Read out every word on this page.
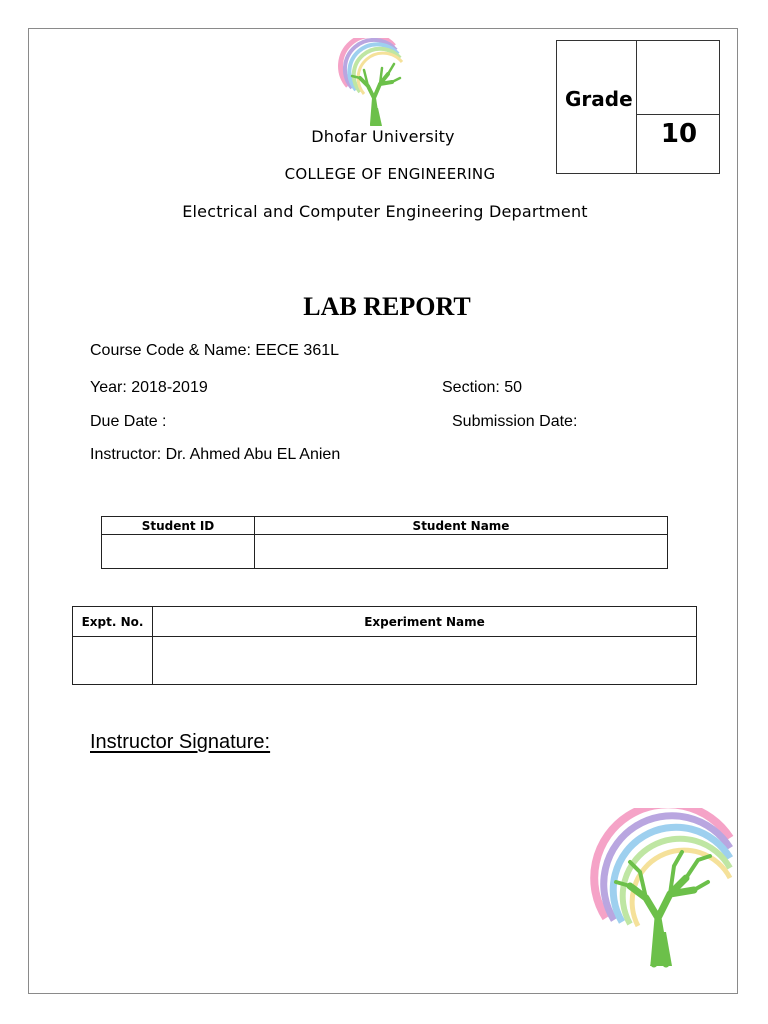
Grade
10
Dhofar University
COLLEGE OF ENGINEERING
Electrical and Computer Engineering Department
LAB REPORT
Course Code & Name: EECE 361L
Year: 2018-2019	Section: 50
Due Date :	Submission Date:
Instructor: Dr. Ahmed Abu EL Anien
Student ID	Student Name

Expt. No.	Experiment Name

Instructor Signature:
